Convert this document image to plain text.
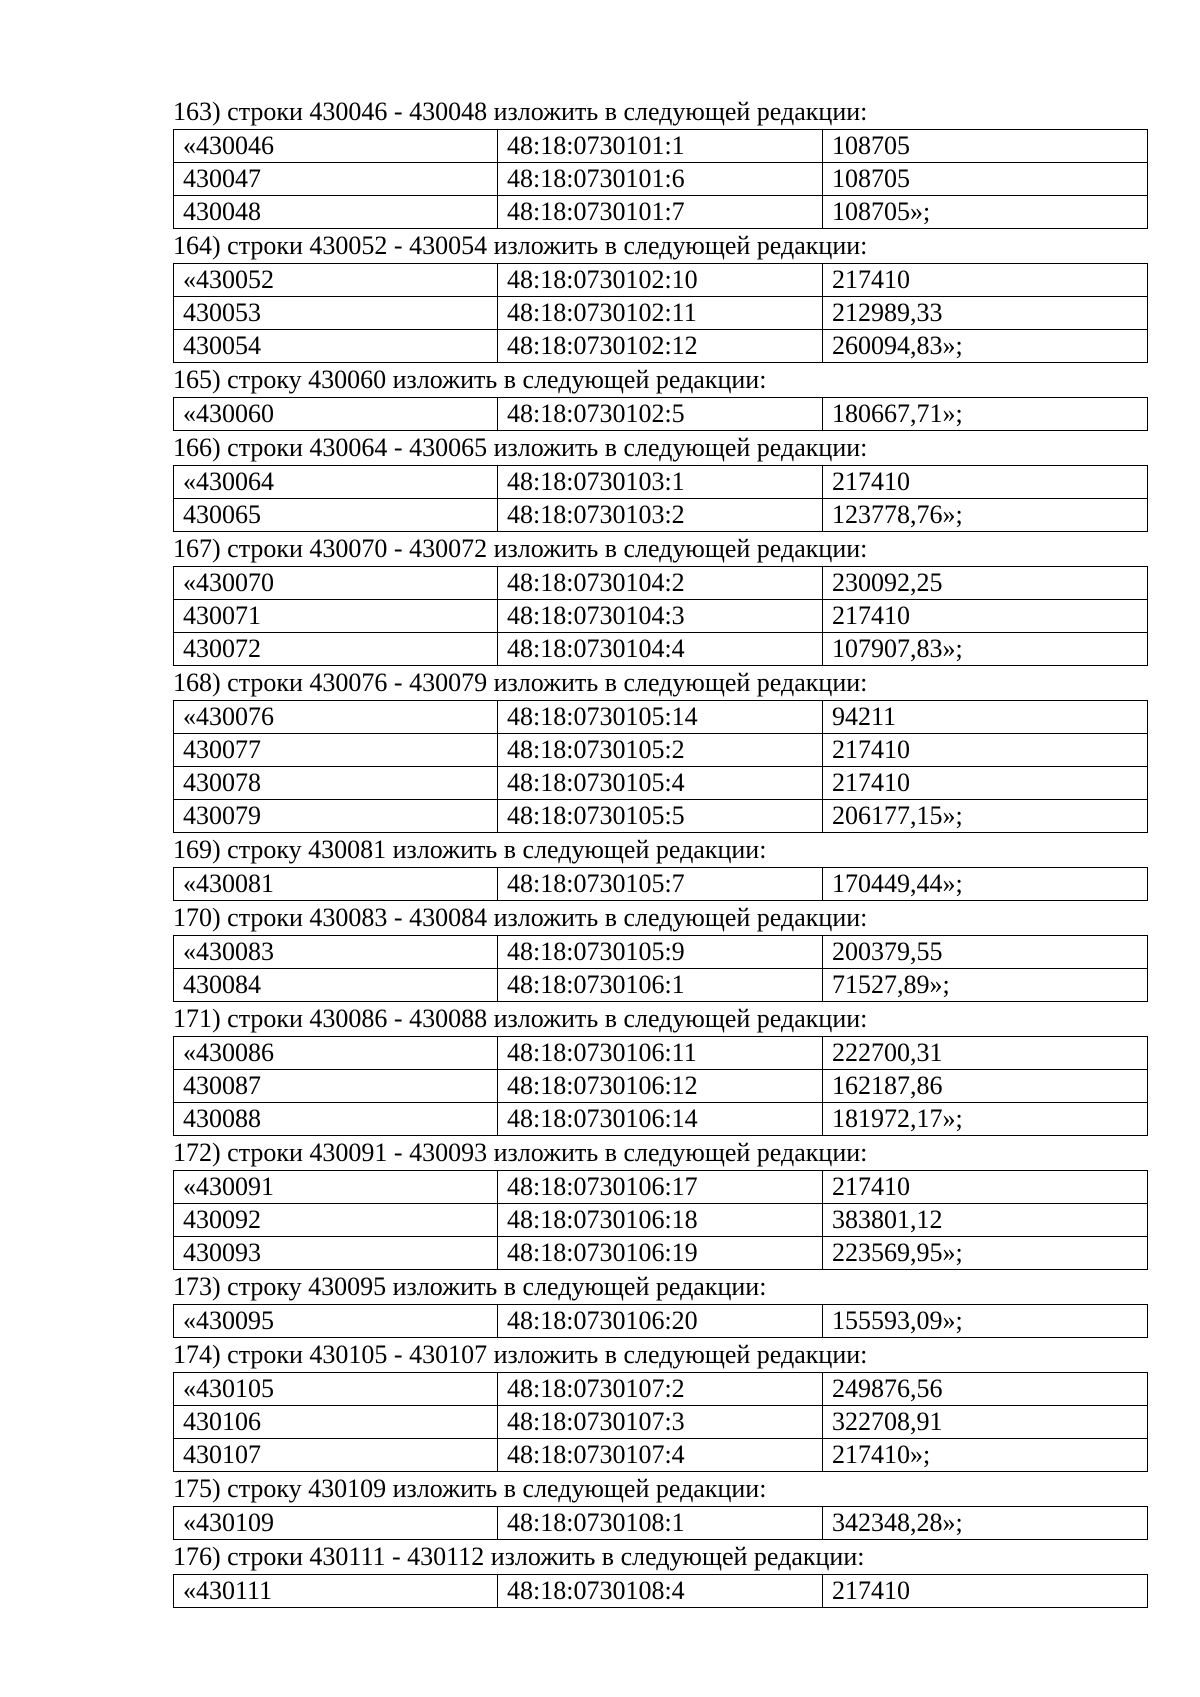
163) строки 430046 - 430048 изложить в следующей редакции:
«430046	48:18:0730101:1	108705
430047	48:18:0730101:6	108705
430048	48:18:0730101:7	108705»;
164) строки 430052 - 430054 изложить в следующей редакции:
«430052	48:18:0730102:10	217410
430053	48:18:0730102:11	212989,33
430054	48:18:0730102:12	260094,83»;
165) строку 430060 изложить в следующей редакции:
«430060	48:18:0730102:5	180667,71»;
166) строки 430064 - 430065 изложить в следующей редакции:
«430064	48:18:0730103:1	217410
430065	48:18:0730103:2	123778,76»;
167) строки 430070 - 430072 изложить в следующей редакции:
«430070	48:18:0730104:2	230092,25
430071	48:18:0730104:3	217410
430072	48:18:0730104:4	107907,83»;
168) строки 430076 - 430079 изложить в следующей редакции:
«430076	48:18:0730105:14	94211
430077	48:18:0730105:2	217410
430078	48:18:0730105:4	217410
430079	48:18:0730105:5	206177,15»;
169) строку 430081 изложить в следующей редакции:
«430081	48:18:0730105:7	170449,44»;
170) строки 430083 - 430084 изложить в следующей редакции:
«430083	48:18:0730105:9	200379,55
430084	48:18:0730106:1	71527,89»;
171) строки 430086 - 430088 изложить в следующей редакции:
«430086	48:18:0730106:11	222700,31
430087	48:18:0730106:12	162187,86
430088	48:18:0730106:14	181972,17»;
172) строки 430091 - 430093 изложить в следующей редакции:
«430091	48:18:0730106:17	217410
430092	48:18:0730106:18	383801,12
430093	48:18:0730106:19	223569,95»;
173) строку 430095 изложить в следующей редакции:
«430095	48:18:0730106:20	155593,09»;
174) строки 430105 - 430107 изложить в следующей редакции:
«430105	48:18:0730107:2	249876,56
430106	48:18:0730107:3	322708,91
430107	48:18:0730107:4	217410»;
175) строку 430109 изложить в следующей редакции:
«430109	48:18:0730108:1	342348,28»;
176) строки 430111 - 430112 изложить в следующей редакции:
«430111	48:18:0730108:4	217410
